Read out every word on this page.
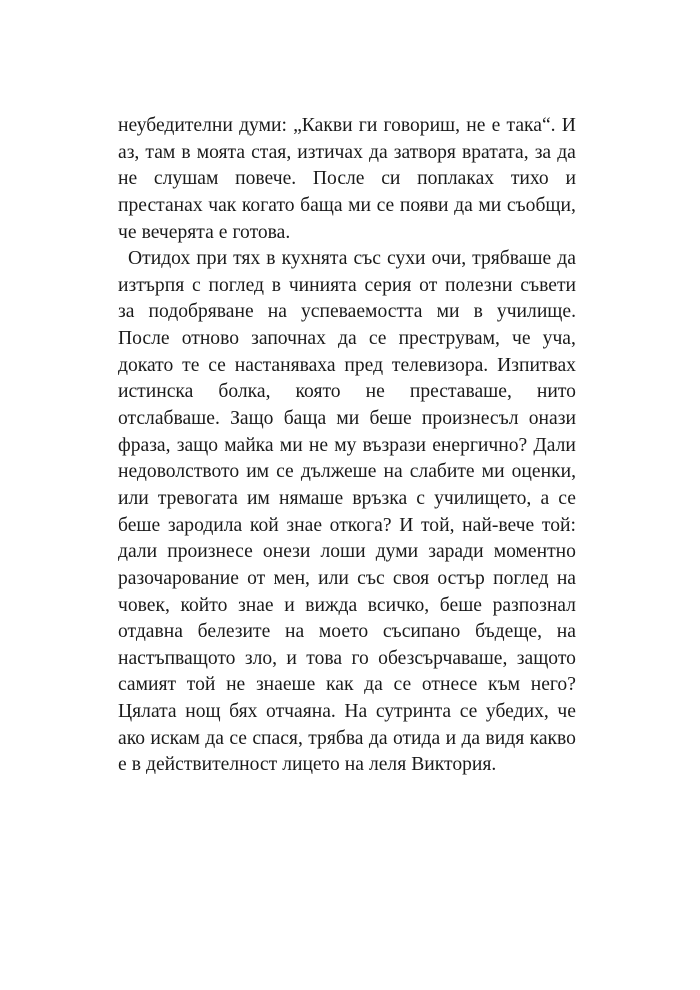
неубедителни думи: „Какви ги говориш, не е така“. И
аз, там в моята стая, изтичах да затворя вратата, за да
не слушам повече. После си поплаках тихо и
престанах чак когато баща ми се появи да ми съобщи,
че вечерята е готова.
Отидох при тях в кухнята със сухи очи, трябваше да
изтърпя с поглед в чинията серия от полезни съвети
за подобряване на успеваемостта ми в училище.
После отново започнах да се преструвам, че уча,
докато те се настаняваха пред телевизора. Изпитвах
истинска болка, която не преставаше, нито
отслабваше. Защо баща ми беше произнесъл онази
фраза, защо майка ми не му възрази енергично? Дали
недоволството им се дължеше на слабите ми оценки,
или тревогата им нямаше връзка с училището, а се
беше зародила кой знае откога? И той, най-вече той:
дали произнесе онези лоши думи заради моментно
разочарование от мен, или със своя остър поглед на
човек, който знае и вижда всичко, беше разпознал
отдавна белезите на моето съсипано бъдеще, на
настъпващото зло, и това го обезсърчаваше, защото
самият той не знаеше как да се отнесе към него?
Цялата нощ бях отчаяна. На сутринта се убедих, че
ако искам да се спася, трябва да отида и да видя какво
е в действителност лицето на леля Виктория.
